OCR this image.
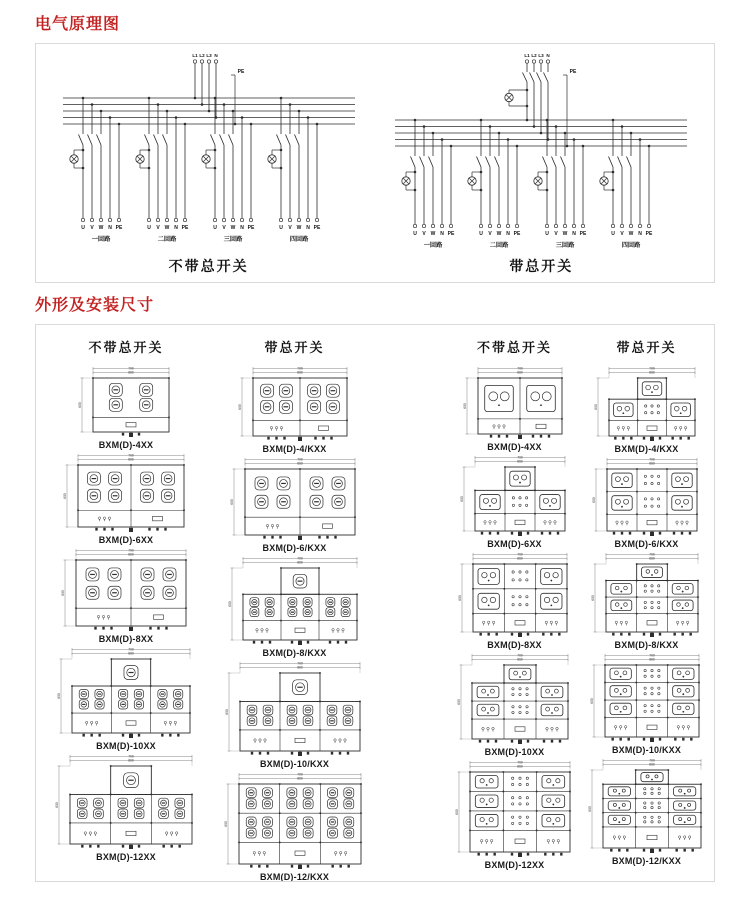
电气原理图
L1 L2 L3 N
PE
U V W N PE
一回路
U V W N PE
二回路
U V W N PE
三回路
U V W N PE
四回路
不带总开关
L1 L2 L3 N
PE
U V W N PE
一回路
U V W N PE
二回路
U V W N PE
三回路
U V W N PE
四回路
带总开关
外形及安装尺寸
不带总开关
700
660
600
BXM(D)-4XX
700
660
600
BXM(D)-6XX
700
660
600
BXM(D)-8XX
700
660
600
BXM(D)-10XX
700
660
600
BXM(D)-12XX
带总开关
700
660
600
BXM(D)-4/KXX
700
660
600
BXM(D)-6/KXX
700
660
600
BXM(D)-8/KXX
700
660
600
BXM(D)-10/KXX
700
660
600
BXM(D)-12/KXX
不带总开关
700
660
600
BXM(D)-4XX
700
660
600
BXM(D)-6XX
700
660
600
BXM(D)-8XX
700
660
600
BXM(D)-10XX
700
660
600
BXM(D)-12XX
带总开关
700
660
600
BXM(D)-4/KXX
700
660
600
BXM(D)-6/KXX
700
660
600
BXM(D)-8/KXX
700
660
600
BXM(D)-10/KXX
700
660
600
BXM(D)-12/KXX
